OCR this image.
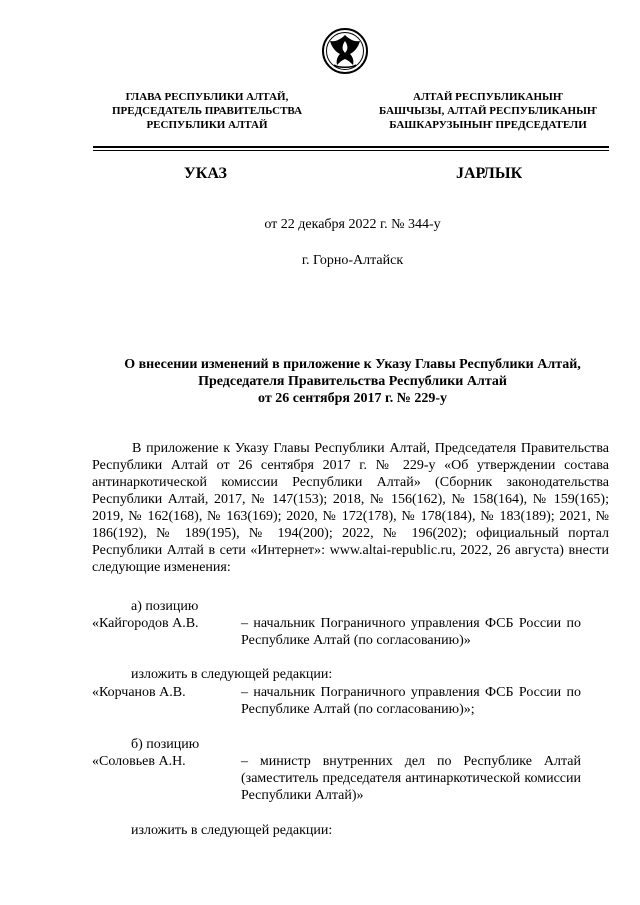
ГЛАВА РЕСПУБЛИКИ АЛТАЙ,
ПРЕДСЕДАТЕЛЬ ПРАВИТЕЛЬСТВА
РЕСПУБЛИКИ АЛТАЙ
АЛТАЙ РЕСПУБЛИКАНЫҤ
БАШЧЫЗЫ, АЛТАЙ РЕСПУБЛИКАНЫҤ
БАШКАРУЗЫНЫҤ ПРЕДСЕДАТЕЛИ
УКАЗ	JАРЛЫК
от 22 декабря 2022 г. № 344-у
г. Горно-Алтайск
О внесении изменений в приложение к Указу Главы Республики Алтай,
Председателя Правительства Республики Алтай
от 26 сентября 2017 г. № 229-у
В приложение к Указу Главы Республики Алтай, Председателя Правительства Республики Алтай от 26 сентября 2017 г. № 229-у «Об утверждении состава антинаркотической комиссии Республики Алтай» (Сборник законодательства Республики Алтай, 2017, № 147(153); 2018, № 156(162), № 158(164), № 159(165); 2019, № 162(168), № 163(169); 2020, № 172(178), № 178(184), № 183(189); 2021, № 186(192), № 189(195), № 194(200); 2022, № 196(202); официальный портал Республики Алтай в сети «Интернет»: www.altai-republic.ru, 2022, 26 августа) внести следующие изменения:
а) позицию
«Кайгородов А.В.	– начальник Пограничного управления ФСБ России по Республике Алтай (по согласованию)»
изложить в следующей редакции:
«Корчанов А.В.	– начальник Пограничного управления ФСБ России по Республике Алтай (по согласованию)»;
б) позицию
«Соловьев А.Н.	– министр внутренних дел по Республике Алтай (заместитель председателя антинаркотической комиссии Республики Алтай)»
изложить в следующей редакции:
